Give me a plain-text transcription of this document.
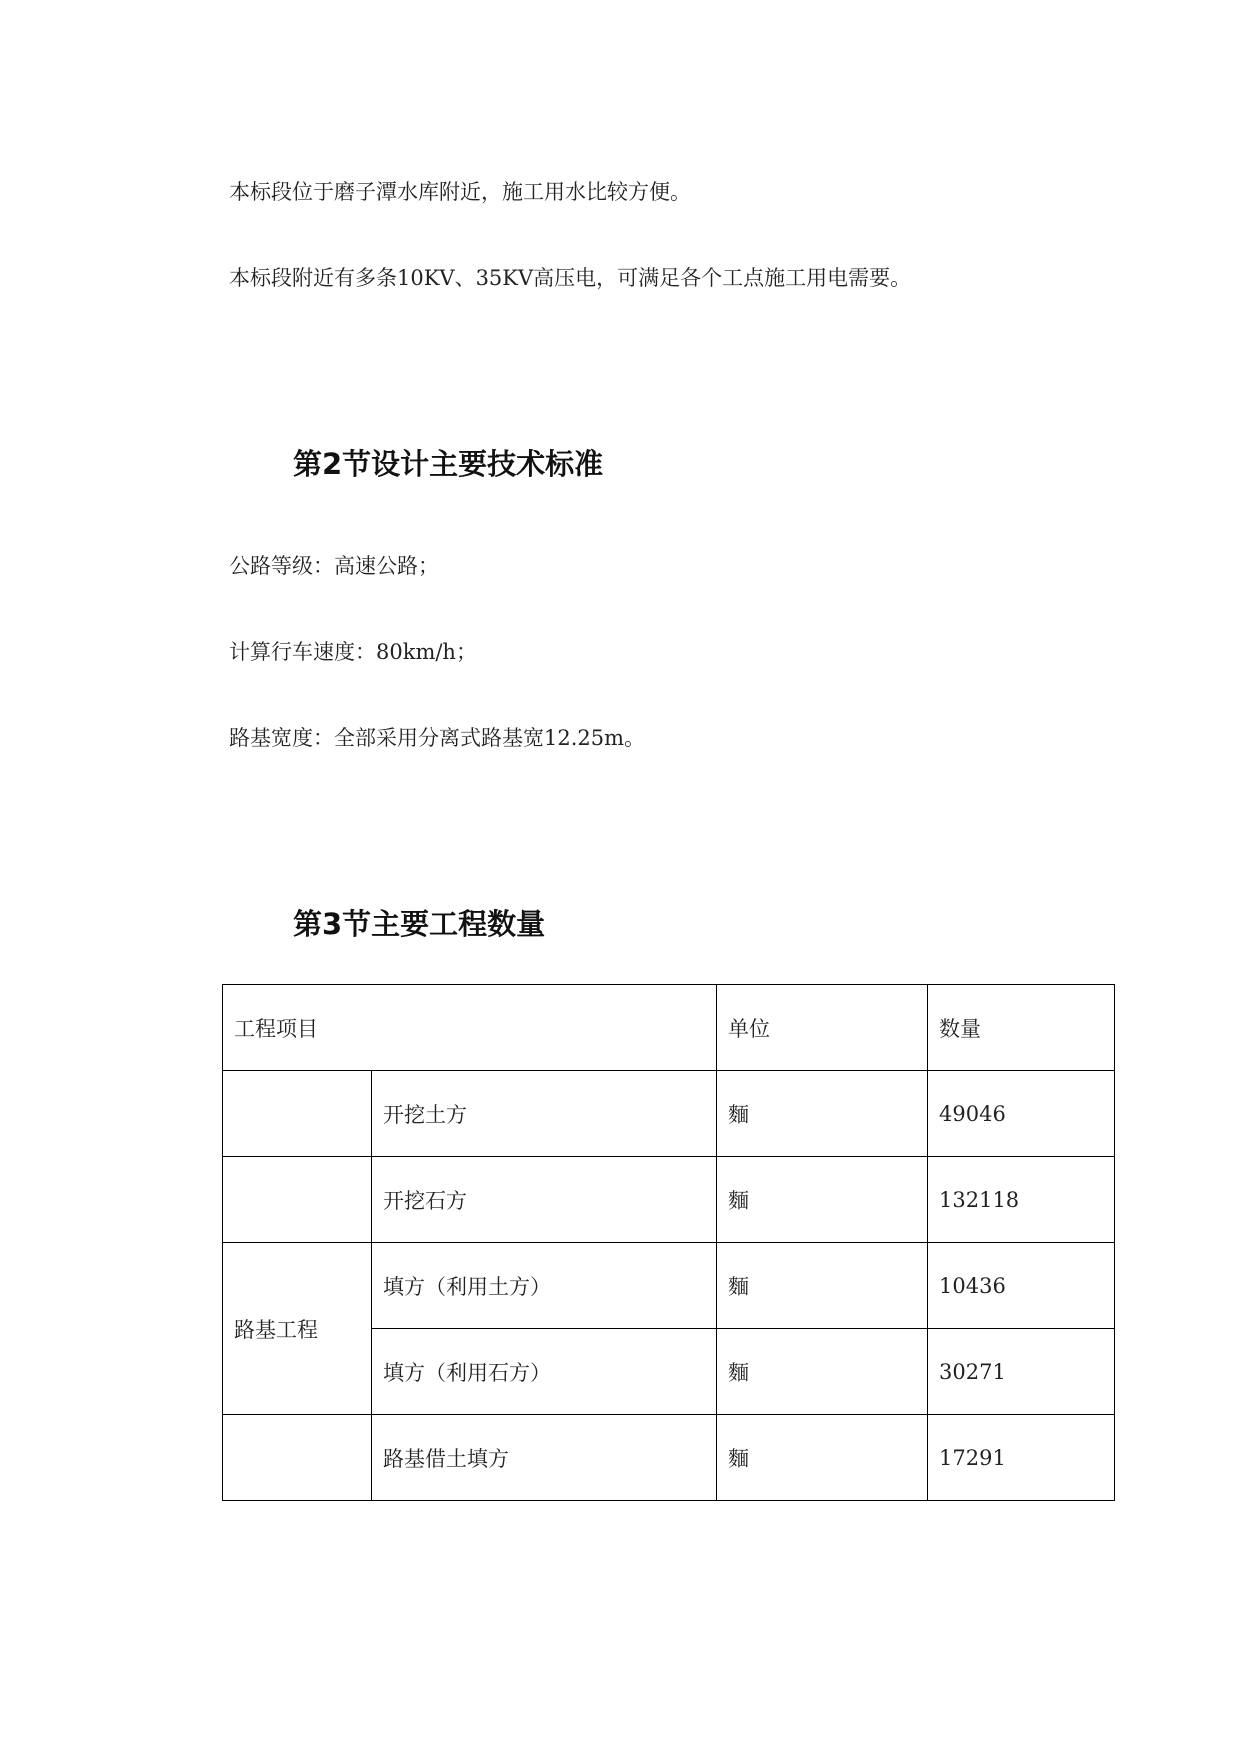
本标段位于磨子潭水库附近，施工用水比较方便。

本标段附近有多条10KV、35KV高压电，可满足各个工点施工用电需要。

第2节设计主要技术标准

公路等级：高速公路；

计算行车速度：80km/h；

路基宽度：全部采用分离式路基宽12.25m。

第3节主要工程数量
工程项目		单位	数量
	开挖土方	麵	49046
	开挖石方	麵	132118
路基工程	填方（利用土方）	麵	10436
	填方（利用石方）	麵	30271
	路基借土填方	麵	17291
